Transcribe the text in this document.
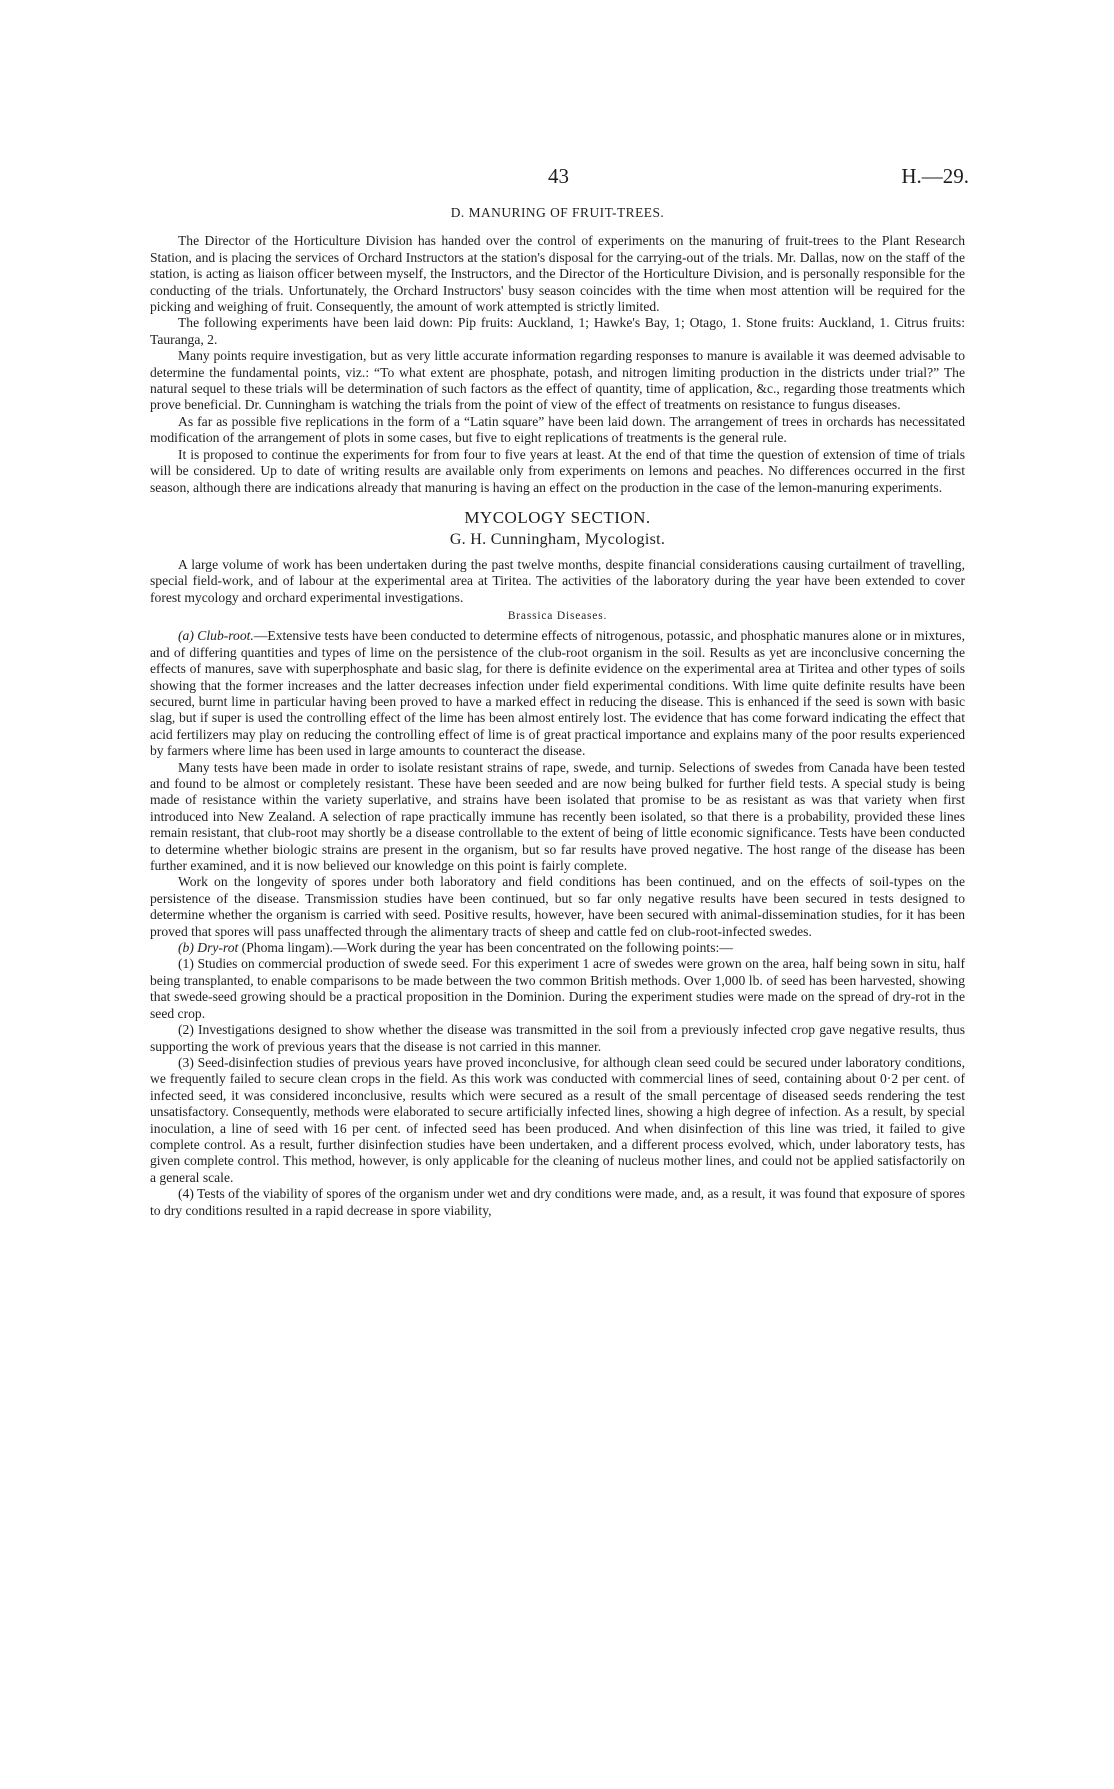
43	H.—29.
D. MANURING OF FRUIT-TREES.

The Director of the Horticulture Division has handed over the control of experiments on the manuring of fruit-trees to the Plant Research Station, and is placing the services of Orchard Instructors at the station's disposal for the carrying-out of the trials. Mr. Dallas, now on the staff of the station, is acting as liaison officer between myself, the Instructors, and the Director of the Horticulture Division, and is personally responsible for the conducting of the trials. Unfortunately, the Orchard Instructors' busy season coincides with the time when most attention will be required for the picking and weighing of fruit. Consequently, the amount of work attempted is strictly limited.

The following experiments have been laid down: Pip fruits: Auckland, 1; Hawke's Bay, 1; Otago, 1. Stone fruits: Auckland, 1. Citrus fruits: Tauranga, 2.

Many points require investigation, but as very little accurate information regarding responses to manure is available it was deemed advisable to determine the fundamental points, viz.: “To what extent are phosphate, potash, and nitrogen limiting production in the districts under trial?” The natural sequel to these trials will be determination of such factors as the effect of quantity, time of application, &c., regarding those treatments which prove beneficial. Dr. Cunningham is watching the trials from the point of view of the effect of treatments on resistance to fungus diseases.

As far as possible five replications in the form of a “Latin square” have been laid down. The arrangement of trees in orchards has necessitated modification of the arrangement of plots in some cases, but five to eight replications of treatments is the general rule.

It is proposed to continue the experiments for from four to five years at least. At the end of that time the question of extension of time of trials will be considered. Up to date of writing results are available only from experiments on lemons and peaches. No differences occurred in the first season, although there are indications already that manuring is having an effect on the production in the case of the lemon-manuring experiments.

MYCOLOGY SECTION.
G. H. Cunningham, Mycologist.

A large volume of work has been undertaken during the past twelve months, despite financial considerations causing curtailment of travelling, special field-work, and of labour at the experimental area at Tiritea. The activities of the laboratory during the year have been extended to cover forest mycology and orchard experimental investigations.

Brassica Diseases.

(a) Club-root.—Extensive tests have been conducted to determine effects of nitrogenous, potassic, and phosphatic manures alone or in mixtures, and of differing quantities and types of lime on the persistence of the club-root organism in the soil. Results as yet are inconclusive concerning the effects of manures, save with superphosphate and basic slag, for there is definite evidence on the experimental area at Tiritea and other types of soils showing that the former increases and the latter decreases infection under field experimental conditions. With lime quite definite results have been secured, burnt lime in particular having been proved to have a marked effect in reducing the disease. This is enhanced if the seed is sown with basic slag, but if super is used the controlling effect of the lime has been almost entirely lost. The evidence that has come forward indicating the effect that acid fertilizers may play on reducing the controlling effect of lime is of great practical importance and explains many of the poor results experienced by farmers where lime has been used in large amounts to counteract the disease.

Many tests have been made in order to isolate resistant strains of rape, swede, and turnip. Selections of swedes from Canada have been tested and found to be almost or completely resistant. These have been seeded and are now being bulked for further field tests. A special study is being made of resistance within the variety superlative, and strains have been isolated that promise to be as resistant as was that variety when first introduced into New Zealand. A selection of rape practically immune has recently been isolated, so that there is a probability, provided these lines remain resistant, that club-root may shortly be a disease controllable to the extent of being of little economic significance. Tests have been conducted to determine whether biologic strains are present in the organism, but so far results have proved negative. The host range of the disease has been further examined, and it is now believed our knowledge on this point is fairly complete.

Work on the longevity of spores under both laboratory and field conditions has been continued, and on the effects of soil-types on the persistence of the disease. Transmission studies have been continued, but so far only negative results have been secured in tests designed to determine whether the organism is carried with seed. Positive results, however, have been secured with animal-dissemination studies, for it has been proved that spores will pass unaffected through the alimentary tracts of sheep and cattle fed on club-root-infected swedes.

(b) Dry-rot (Phoma lingam).—Work during the year has been concentrated on the following points:—

(1) Studies on commercial production of swede seed. For this experiment 1 acre of swedes were grown on the area, half being sown in situ, half being transplanted, to enable comparisons to be made between the two common British methods. Over 1,000 lb. of seed has been harvested, showing that swede-seed growing should be a practical proposition in the Dominion. During the experiment studies were made on the spread of dry-rot in the seed crop.

(2) Investigations designed to show whether the disease was transmitted in the soil from a previously infected crop gave negative results, thus supporting the work of previous years that the disease is not carried in this manner.

(3) Seed-disinfection studies of previous years have proved inconclusive, for although clean seed could be secured under laboratory conditions, we frequently failed to secure clean crops in the field. As this work was conducted with commercial lines of seed, containing about 0·2 per cent. of infected seed, it was considered inconclusive, results which were secured as a result of the small percentage of diseased seeds rendering the test unsatisfactory. Consequently, methods were elaborated to secure artificially infected lines, showing a high degree of infection. As a result, by special inoculation, a line of seed with 16 per cent. of infected seed has been produced. And when disinfection of this line was tried, it failed to give complete control. As a result, further disinfection studies have been undertaken, and a different process evolved, which, under laboratory tests, has given complete control. This method, however, is only applicable for the cleaning of nucleus mother lines, and could not be applied satisfactorily on a general scale.

(4) Tests of the viability of spores of the organism under wet and dry conditions were made, and, as a result, it was found that exposure of spores to dry conditions resulted in a rapid decrease in spore viability,
